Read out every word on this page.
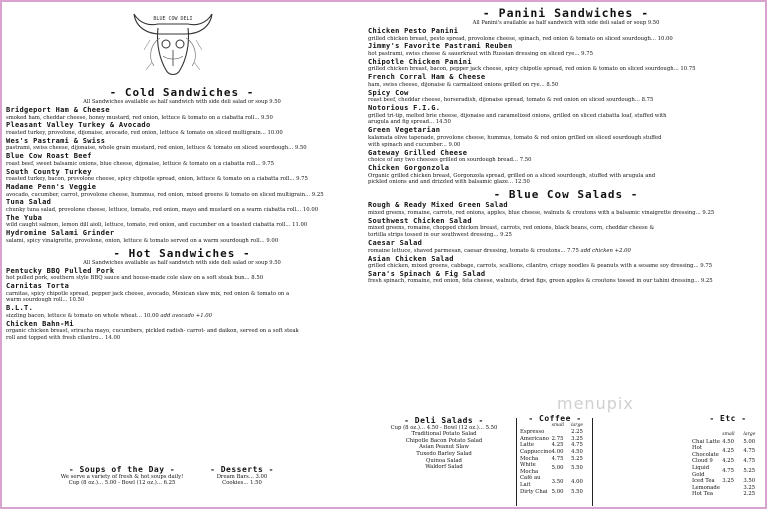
BLUE COW DELI
- Cold Sandwiches -
All Sandwiches available as half sandwich with side deli salad or soup 9.50
Bridgeport Ham & Cheese
smoked ham, cheddar cheese, honey mustard, red onion, lettuce & tomato on a ciabatta roll... 9.50
Pleasant Valley Turkey & Avocado
roasted turkey, provolone, dijonaise, avocado, red onion, lettuce & tomato on sliced multigrain... 10.00
Wes's Pastrami & Swiss
pastrami, swiss cheese, dijonaise, whole grain mustard, red onion, lettuce & tomato on sliced sourdough... 9.50
Blue Cow Roast Beef
roast beef, sweet balsamic onions, blue cheese, dijonaise, lettuce & tomato on a ciabatta roll... 9.75
South County Turkey
roasted turkey, bacon, provolone cheese, spicy chipotle spread, onion, lettuce & tomato on a ciabatta roll... 9.75
Madame Penn's Veggie
avocado, cucumber, carrot, provolone cheese, hummus, red onion, mixed greens & tomato on sliced multigrain... 9.25
Tuna Salad
chunky tuna salad, provolone cheese, lettuce, tomato, red onion, mayo and mustard on a warm ciabatta roll... 10.00
The Yuba
wild caught salmon, lemon dill aioli, lettuce, tomato, red onion, and cucumber on a toasted ciabatta roll... 11.00
Hydromine Salami Grinder
salami, spicy vinaigrette, provolone, onion, lettuce & tomato served on a warm sourdough roll... 9.00
- Hot Sandwiches -
All Sandwiches available as half sandwich with side deli salad or soup 9.50
Pentucky BBQ Pulled Pork
hot pulled pork, southern style BBQ sauce and house-made cole slaw on a soft steak bun... 8.50
Carnitas Torta
carnitas, spicy chipotle spread, pepper jack cheese, avocado, Mexican slaw mix, red onion & tomato on a
warm sourdough roll... 10.50
B.L.T.
sizzling bacon, lettuce & tomato on whole wheat... 10.00 add avocado +1.00
Chicken Bahn-Mi
organic chicken breast, sriracha mayo, cucumbers, pickled radish- carrot- and daikon, served on a soft steak
roll and topped with fresh cilantro... 14.00
- Soups of the Day -
We serve a variety of fresh & hot soups daily!
Cup (8 oz.)... 5.00 - Bowl (12 oz.)... 6.25
- Desserts -
Dream Bars... 3.00
Cookies... 1.50
- Panini Sandwiches -
All Panini's available as half sandwich with side deli salad or soup 9.50
Chicken Pesto Panini
grilled chicken breast, pesto spread, provolone cheese, spinach, red onion & tomato on sliced sourdough... 10.00
Jimmy's Favorite Pastrami Reuben
hot pastrami, swiss cheese & sauerkraut with Russian dressing on sliced rye... 9.75
Chipotle Chicken Panini
grilled chicken breast, bacon, pepper jack cheese, spicy chipotle spread, red onion & tomato on sliced sourdough... 10.75
French Corral Ham & Cheese
ham, swiss cheese, dijonaise & carmalized onions grilled on rye... 8.50
Spicy Cow
roast beef, cheddar cheese, horseradish, dijonaise spread, tomato & red onion on sliced sourdough... 8.75
Notorious F.I.G.
grilled tri-tip, melted brie cheese, dijonaise and caramelized onions, grilled on sliced ciabatta loaf, stuffed with
arugula and fig spread... 14.50
Green Vegetarian
kalamata olive tapenade, provolone cheese, hummus, tomato & red onion grilled on sliced sourdough stuffed
with spinach and cucumber... 9.00
Gateway Grilled Cheese
choice of any two cheeses grilled on sourdough bread... 7.50
Chicken Gorgonzola
Organic grilled chicken breast, Gorgonzola spread, grilled on a sliced sourdough, stuffed with arugula and
pickled onions and and drizzled with balsamic glaze... 12.50
- Blue Cow Salads -
Rough & Ready Mixed Green Salad
mixed greens, romaine, carrots, red onions, apples, blue cheese, walnuts & croutons with a balsamic vinaigrette dressing... 9.25
Southwest Chicken Salad
mixed greens, romaine, chopped chicken breast, carrots, red onions, black beans, corn, cheddar cheese &
tortilla strips tossed in our southwest dressing... 9.25
Caesar Salad
romaine lettuce, shaved parmesan, caesar dressing, tomato & croutons... 7.75 add chicken +2.00
Asian Chicken Salad
grilled chicken, mixed greens, cabbage, carrots, scallions, cilantro, crispy noodles & peanuts with a sesame soy dressing... 9.75
Sara's Spinach & Fig Salad
fresh spinach, romaine, red onion, feta cheese, walnuts, dried figs, green apples & croutons tossed in our tahini dressing... 9.25
- Deli Salads -
Cup (8 oz.)... 4.50 - Bowl (12 oz.)... 5.50
Traditional Potato Salad
Chipotle Bacon Potato Salad
Asian Peanut Slaw
Tuxedo Barley Salad
Quinoa Salad
Waldorf Salad
- Coffee -
	small	large
Espresso		2.25
Americano	2.75	3.25
Latte	4.25	4.75
Cappuccino	4.00	4.50
Mocha	4.75	5.25
White Mocha	5.00	5.50
Café au Lait	3.50	4.00
Dirty Chai	5.00	5.50
- Etc -
	small	large
Chai Latte	4.50	5.00
Hot Chocolate	4.25	4.75
Cloud 9	4.25	4.75
Liquid Gold	4.75	5.25
Iced Tea	3.25	3.50
Lemonade		3.25
Hot Tea		2.25
menupix
